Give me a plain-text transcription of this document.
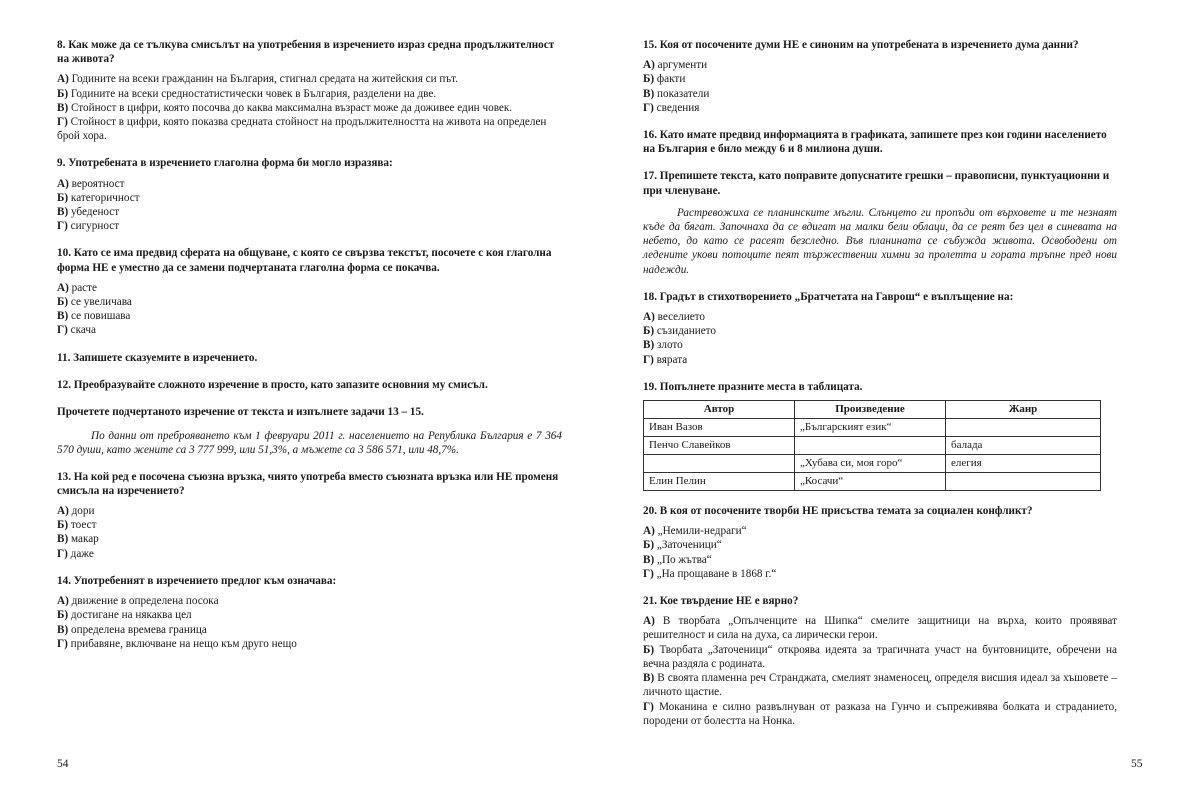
8. Как може да се тълкува смисълът на употребения в изречението израз средна продължителност на живота?

А) Годините на всеки гражданин на България, стигнал средата на житейския си път.
Б) Годините на всеки средностатистически човек в България, разделени на две.
В) Стойност в цифри, която посочва до каква максимална възраст може да доживее един човек.
Г) Стойност в цифри, която показва средната стойност на продължителността на живота на определен брой хора.

9. Употребената в изречението глаголна форма би могло изразява:

А) вероятност
Б) категоричност
В) убеденост
Г) сигурност

10. Като се има предвид сферата на общуване, с която се свързва текстът, посочете с коя глаголна форма НЕ е уместно да се замени подчертаната глаголна форма се покачва.

А) расте
Б) се увеличава
В) се повишава
Г) скача

11. Запишете сказуемите в изречението.

12. Преобразувайте сложното изречение в просто, като запазите основния му смисъл.

Прочетете подчертаното изречение от текста и изпълнете задачи 13 – 15.

По данни от преброяването към 1 февруари 2011 г. населението на Република България е 7 364 570 души, като жените са 3 777 999, или 51,3%, а мъжете са 3 586 571, или 48,7%.

13. На кой ред е посочена съюзна връзка, чиято употреба вместо съюзната връзка или НЕ променя смисъла на изречението?

А) дори
Б) тоест
В) макар
Г) даже

14. Употребеният в изречението предлог към означава:

А) движение в определена посока
Б) достигане на някаква цел
В) определена времева граница
Г) прибавяне, включване на нещо към друго нещо
54

15. Коя от посочените думи НЕ е синоним на употребената в изречението дума данни?

А) аргументи
Б) факти
В) показатели
Г) сведения

16. Като имате предвид информацията в графиката, запишете през кои години населението на България е било между 6 и 8 милиона души.

17. Препишете текста, като поправите допуснатите грешки – правописни, пунктуационни и при членуване.

Растревожиха се планинските мъгли. Слънцето ги пропъди от върховете и те незнаят къде да бягат. Започнаха да се вдигат на малки бели облаци, да се реят без цел в синевата на небето, до като се расеят безследно. Във планината се събужда живота. Освободени от леденитe укови потоците пеят тържествении химни за пролетта и гората тръпне пред нови надежди.

18. Градът в стихотворението „Братчетата на Гаврош“ е въплъщение на:

А) веселието
Б) съзиданието
В) злото
Г) вярата

19. Попълнете празните места в таблицата.

Автор	Произведение	Жанр
Иван Вазов	„Българският език“	
Пенчо Славейков		балада
	„Хубава си, моя горо“	елегия
Елин Пелин	„Косачи“	

20. В коя от посочените творби НЕ присъства темата за социален конфликт?

А) „Немили-недраги“
Б) „Заточеници“
В) „По жътва“
Г) „На прощаване в 1868 г.“

21. Кое твърдение НЕ е вярно?

А) В творбата „Опълченците на Шипка“ смелите защитници на върха, които проявяват решителност и сила на духа, са лирически герои.
Б) Творбата „Заточеници“ откроява идеята за трагичната участ на бунтовниците, обречени на вечна раздяла с родината.
В) В своята пламенна реч Странджата, смелият знаменосец, определя висшия идеал за хъшовете – личното щастие.
Г) Моканина е силно развълнуван от разказа на Гунчо и съпреживява болката и страданието, породени от болестта на Нонка.
55
